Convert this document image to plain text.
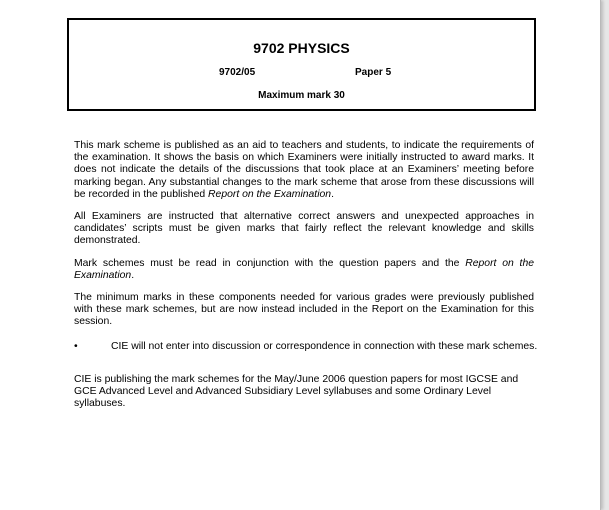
9702 PHYSICS
9702/05	Paper 5
Maximum mark 30

This mark scheme is published as an aid to teachers and students, to indicate the requirements of the examination. It shows the basis on which Examiners were initially instructed to award marks. It does not indicate the details of the discussions that took place at an Examiners’ meeting before marking began. Any substantial changes to the mark scheme that arose from these discussions will be recorded in the published Report on the Examination.

All Examiners are instructed that alternative correct answers and unexpected approaches in candidates’ scripts must be given marks that fairly reflect the relevant knowledge and skills demonstrated.

Mark schemes must be read in conjunction with the question papers and the Report on the Examination.

The minimum marks in these components needed for various grades were previously published with these mark schemes, but are now instead included in the Report on the Examination for this session.

•	CIE will not enter into discussion or correspondence in connection with these mark schemes.

CIE is publishing the mark schemes for the May/June 2006 question papers for most IGCSE and GCE Advanced Level and Advanced Subsidiary Level syllabuses and some Ordinary Level syllabuses.
